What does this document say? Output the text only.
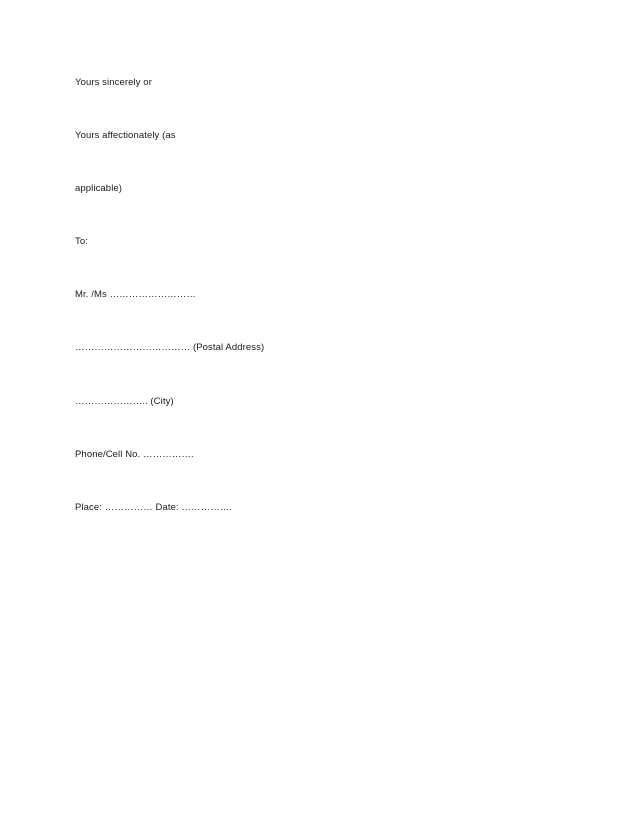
Yours sincerely or
Yours affectionately (as
applicable)
To:
Mr. /Ms ………………………
……………………………… (Postal Address)
………………….. (City)
Phone/Cell No. …………….
Place: …………… Date: …………….
